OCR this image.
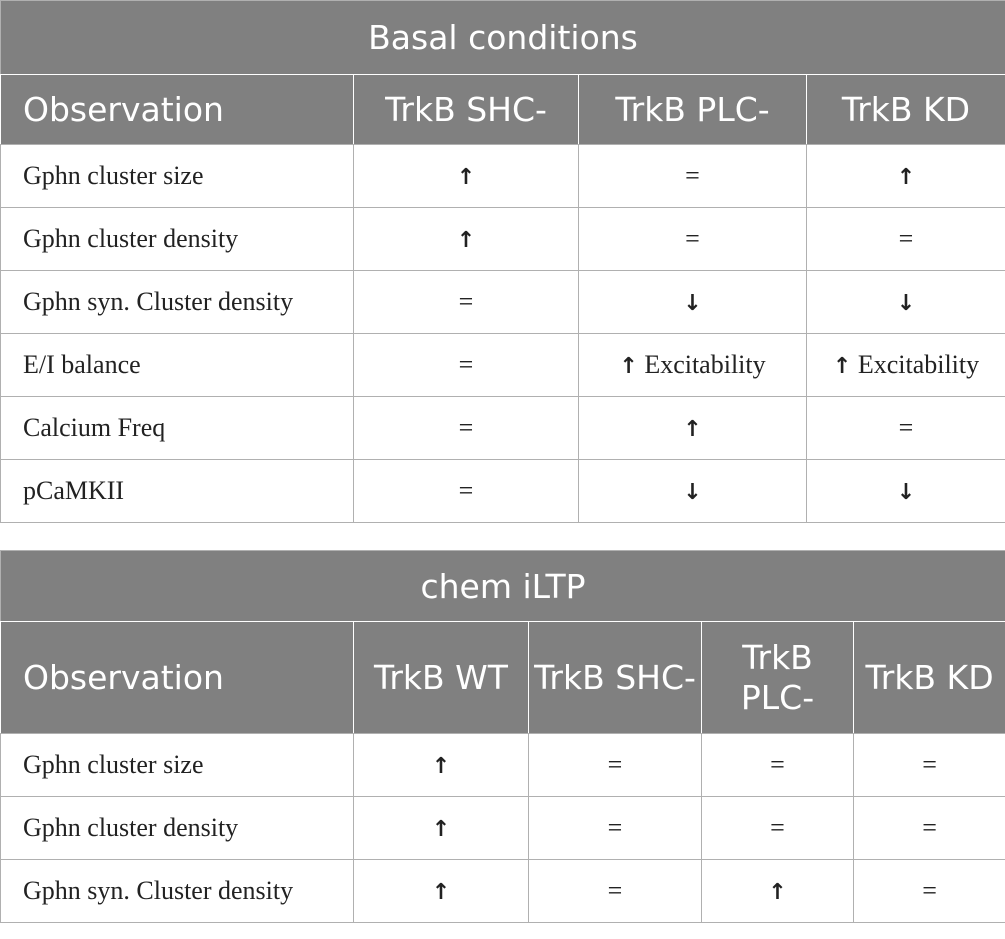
Basal conditions			
Observation	TrkB SHC-	TrkB PLC-	TrkB KD
Gphn cluster size	↑	=	↑
Gphn cluster density	↑	=	=
Gphn syn. Cluster density	=	↓	↓
E/I balance	=	↑ Excitability	↑ Excitability
Calcium Freq	=	↑	=
pCaMKII	=	↓	↓
chem iLTP				
Observation	TrkB WT	TrkB SHC-	TrkB PLC-	TrkB KD
Gphn cluster size	↑	=	=	=
Gphn cluster density	↑	=	=	=
Gphn syn. Cluster density	↑	=	↑	=
